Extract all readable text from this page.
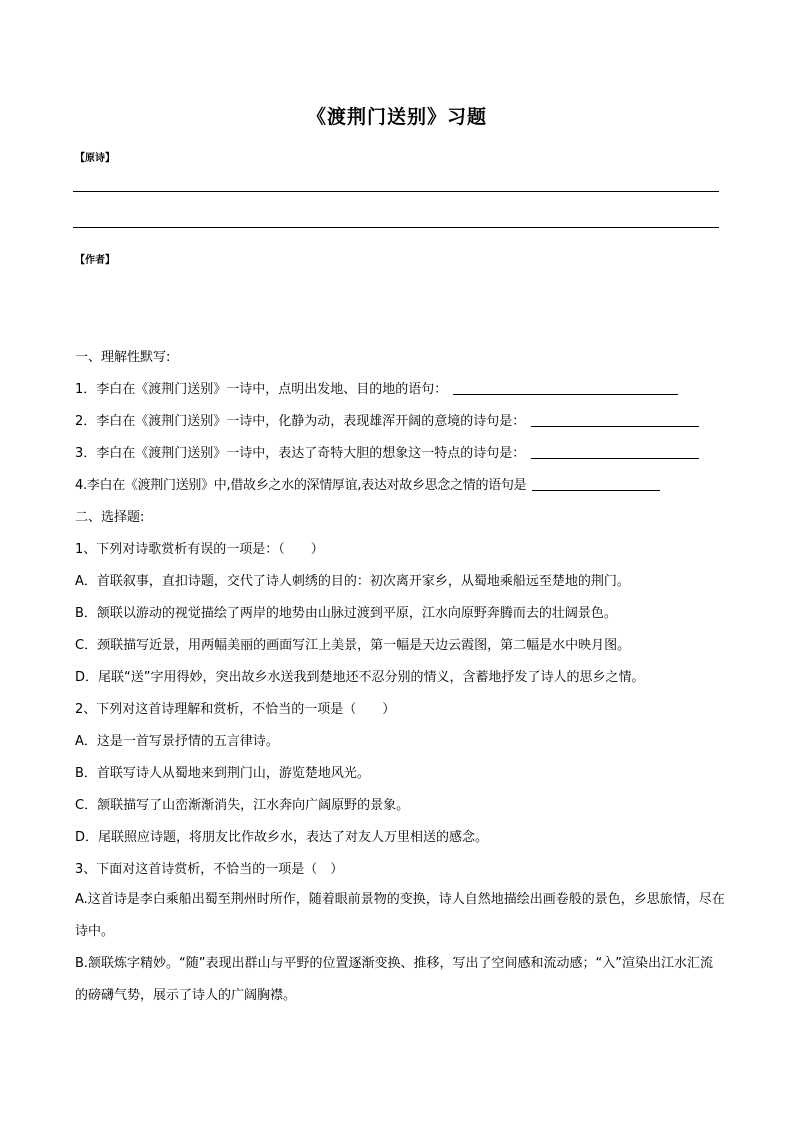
《渡荆门送别》习题
【原诗】
【作者】
一、理解性默写:
1．李白在《渡荆门送别》一诗中，点明出发地、目的地的语句：
2．李白在《渡荆门送别》一诗中，化静为动，表现雄浑开阔的意境的诗句是：
3．李白在《渡荆门送别》一诗中，表达了奇特大胆的想象这一特点的诗句是：
4.李白在《渡荆门送别》中,借故乡之水的深情厚谊,表达对故乡思念之情的语句是
二、选择题:
1、下列对诗歌赏析有误的一项是：（　　）
A．首联叙事，直扣诗题，交代了诗人刺绣的目的：初次离开家乡，从蜀地乘船远至楚地的荆门。
B．颔联以游动的视觉描绘了两岸的地势由山脉过渡到平原，江水向原野奔腾而去的壮阔景色。
C．颈联描写近景，用两幅美丽的画面写江上美景，第一幅是天边云霞图，第二幅是水中映月图。
D．尾联“送”字用得妙，突出故乡水送我到楚地还不忍分别的情义，含蓄地抒发了诗人的思乡之情。
2、下列对这首诗理解和赏析，不恰当的一项是（　　）
A．这是一首写景抒情的五言律诗。
B．首联写诗人从蜀地来到荆门山，游览楚地风光。
C．颔联描写了山峦渐渐消失，江水奔向广阔原野的景象。
D．尾联照应诗题，将朋友比作故乡水，表达了对友人万里相送的感念。
3、下面对这首诗赏析，不恰当的一项是（　）
A.这首诗是李白乘船出蜀至荆州时所作，随着眼前景物的变换，诗人自然地描绘出画卷般的景色，乡思旅情，尽在诗中。
B.颔联炼字精妙。“随”表现出群山与平野的位置逐渐变换、推移，写出了空间感和流动感；“入”渲染出江水汇流的磅礴气势，展示了诗人的广阔胸襟。
